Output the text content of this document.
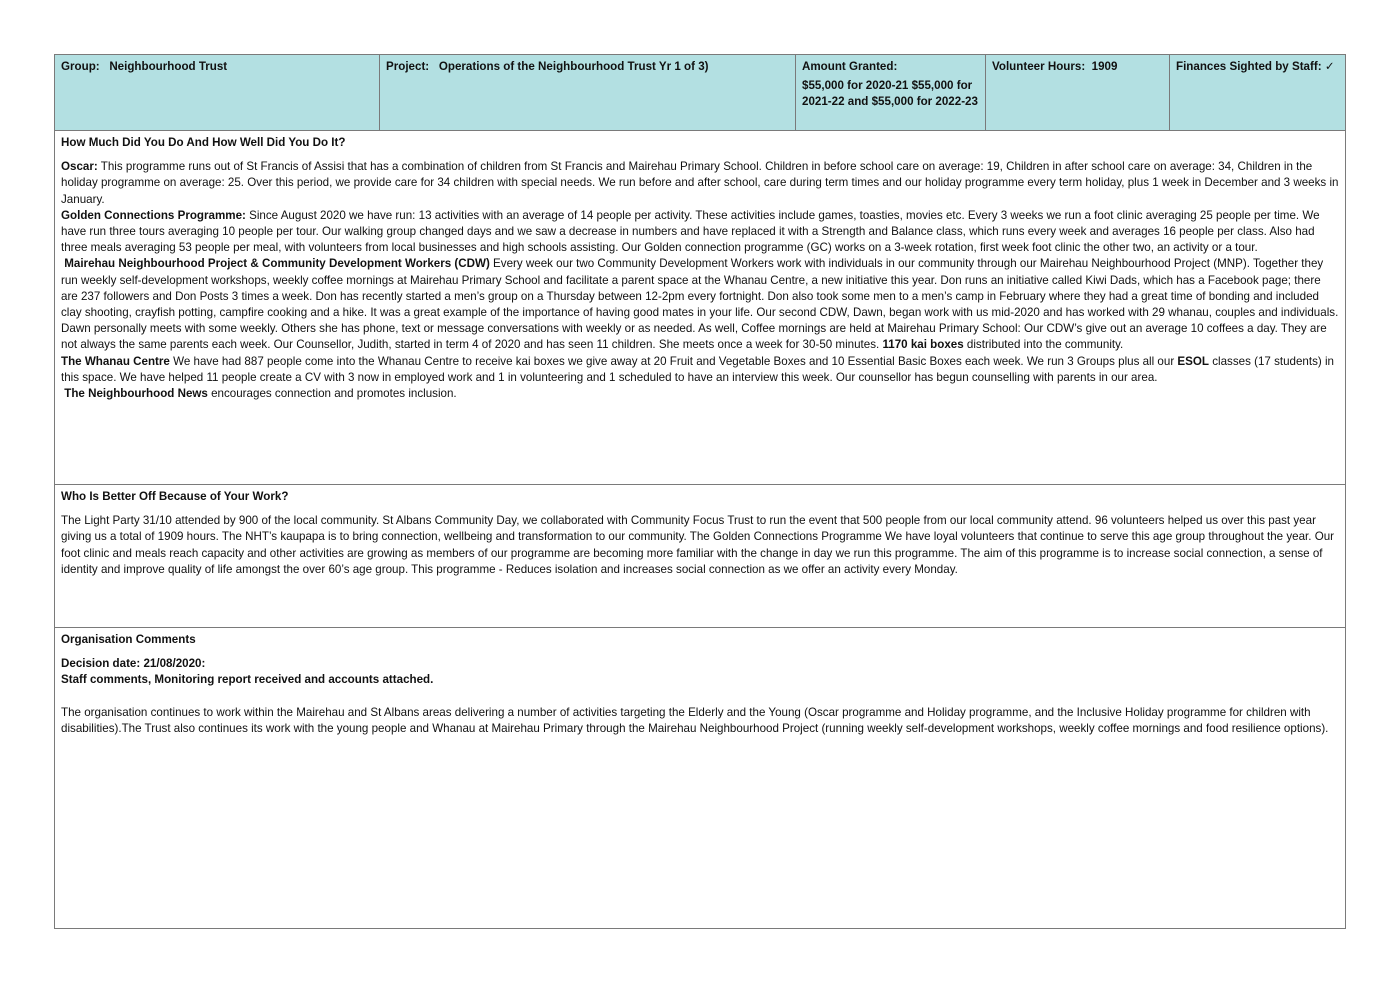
Group: Neighbourhood Trust	Project: Operations of the Neighbourhood Trust Yr 1 of 3)	Amount Granted:
$55,000 for 2020-21 $55,000 for 2021-22 and $55,000 for 2022-23
Volunteer Hours: 1909	Finances Sighted by Staff: ✓
How Much Did You Do And How Well Did You Do It?

Oscar: This programme runs out of St Francis of Assisi that has a combination of children from St Francis and Mairehau Primary School. Children in before school care on average: 19, Children in after school care on average: 34, Children in the holiday programme on average: 25. Over this period, we provide care for 34 children with special needs. We run before and after school, care during term times and our holiday programme every term holiday, plus 1 week in December and 3 weeks in January.

Golden Connections Programme: Since August 2020 we have run: 13 activities with an average of 14 people per activity. These activities include games, toasties, movies etc. Every 3 weeks we run a foot clinic averaging 25 people per time. We have run three tours averaging 10 people per tour. Our walking group changed days and we saw a decrease in numbers and have replaced it with a Strength and Balance class, which runs every week and averages 16 people per class. Also had three meals averaging 53 people per meal, with volunteers from local businesses and high schools assisting. Our Golden connection programme (GC) works on a 3-week rotation, first week foot clinic the other two, an activity or a tour.

Mairehau Neighbourhood Project & Community Development Workers (CDW) Every week our two Community Development Workers work with individuals in our community through our Mairehau Neighbourhood Project (MNP). Together they run weekly self-development workshops, weekly coffee mornings at Mairehau Primary School and facilitate a parent space at the Whanau Centre, a new initiative this year. Don runs an initiative called Kiwi Dads, which has a Facebook page; there are 237 followers and Don Posts 3 times a week. Don has recently started a men’s group on a Thursday between 12-2pm every fortnight. Don also took some men to a men’s camp in February where they had a great time of bonding and included clay shooting, crayfish potting, campfire cooking and a hike. It was a great example of the importance of having good mates in your life. Our second CDW, Dawn, began work with us mid-2020 and has worked with 29 whanau, couples and individuals. Dawn personally meets with some weekly. Others she has phone, text or message conversations with weekly or as needed. As well, Coffee mornings are held at Mairehau Primary School: Our CDW’s give out an average 10 coffees a day. They are not always the same parents each week. Our Counsellor, Judith, started in term 4 of 2020 and has seen 11 children. She meets once a week for 30-50 minutes. 1170 kai boxes distributed into the community.

The Whanau Centre We have had 887 people come into the Whanau Centre to receive kai boxes we give away at 20 Fruit and Vegetable Boxes and 10 Essential Basic Boxes each week. We run 3 Groups plus all our ESOL classes (17 students) in this space. We have helped 11 people create a CV with 3 now in employed work and 1 in volunteering and 1 scheduled to have an interview this week. Our counsellor has begun counselling with parents in our area.

The Neighbourhood News encourages connection and promotes inclusion.

Who Is Better Off Because of Your Work?

The Light Party 31/10 attended by 900 of the local community. St Albans Community Day, we collaborated with Community Focus Trust to run the event that 500 people from our local community attend. 96 volunteers helped us over this past year giving us a total of 1909 hours. The NHT’s kaupapa is to bring connection, wellbeing and transformation to our community. The Golden Connections Programme We have loyal volunteers that continue to serve this age group throughout the year. Our foot clinic and meals reach capacity and other activities are growing as members of our programme are becoming more familiar with the change in day we run this programme. The aim of this programme is to increase social connection, a sense of identity and improve quality of life amongst the over 60’s age group. This programme - Reduces isolation and increases social connection as we offer an activity every Monday.

Organisation Comments
Decision date: 21/08/2020:
Staff comments, Monitoring report received and accounts attached.

The organisation continues to work within the Mairehau and St Albans areas delivering a number of activities targeting the Elderly and the Young (Oscar programme and Holiday programme, and the Inclusive Holiday programme for children with disabilities).The Trust also continues its work with the young people and Whanau at Mairehau Primary through the Mairehau Neighbourhood Project (running weekly self-development workshops, weekly coffee mornings and food resilience options).
